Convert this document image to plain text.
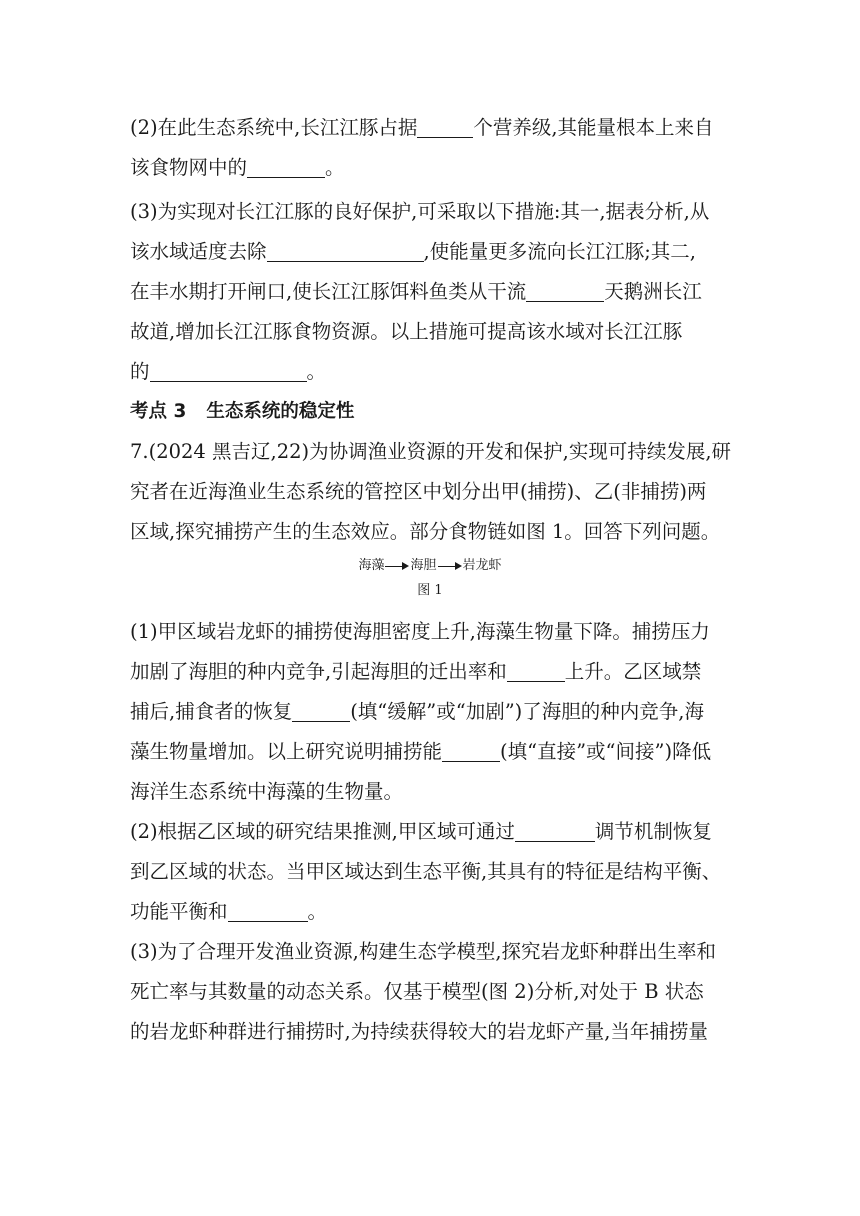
(2)在此生态系统中,长江江豚占据	个营养级,其能量根本上来自
该食物网中的	。

(3)为实现对长江江豚的良好保护,可采取以下措施:其一,据表分析,从
该水域适度去除	,使能量更多流向长江江豚;其二,
在丰水期打开闸口,使长江江豚饵料鱼类从干流	天鹅洲长江
故道,增加长江江豚食物资源。以上措施可提高该水域对长江江豚
的	。

考点 3 生态系统的稳定性

7.(2024 黑吉辽,22)为协调渔业资源的开发和保护,实现可持续发展,研
究者在近海渔业生态系统的管控区中划分出甲(捕捞)、乙(非捕捞)两
区域,探究捕捞产生的生态效应。部分食物链如图 1。回答下列问题。

海藻 海胆 岩龙虾
图 1

(1)甲区域岩龙虾的捕捞使海胆密度上升,海藻生物量下降。捕捞压力
加剧了海胆的种内竞争,引起海胆的迁出率和	上升。乙区域禁
捕后,捕食者的恢复	(填“缓解”或“加剧”)了海胆的种内竞争,海
藻生物量增加。以上研究说明捕捞能	(填“直接”或“间接”)降低
海洋生态系统中海藻的生物量。

(2)根据乙区域的研究结果推测,甲区域可通过	调节机制恢复
到乙区域的状态。当甲区域达到生态平衡,其具有的特征是结构平衡、
功能平衡和	。

(3)为了合理开发渔业资源,构建生态学模型,探究岩龙虾种群出生率和
死亡率与其数量的动态关系。仅基于模型(图 2)分析,对处于 B 状态
的岩龙虾种群进行捕捞时,为持续获得较大的岩龙虾产量,当年捕捞量
